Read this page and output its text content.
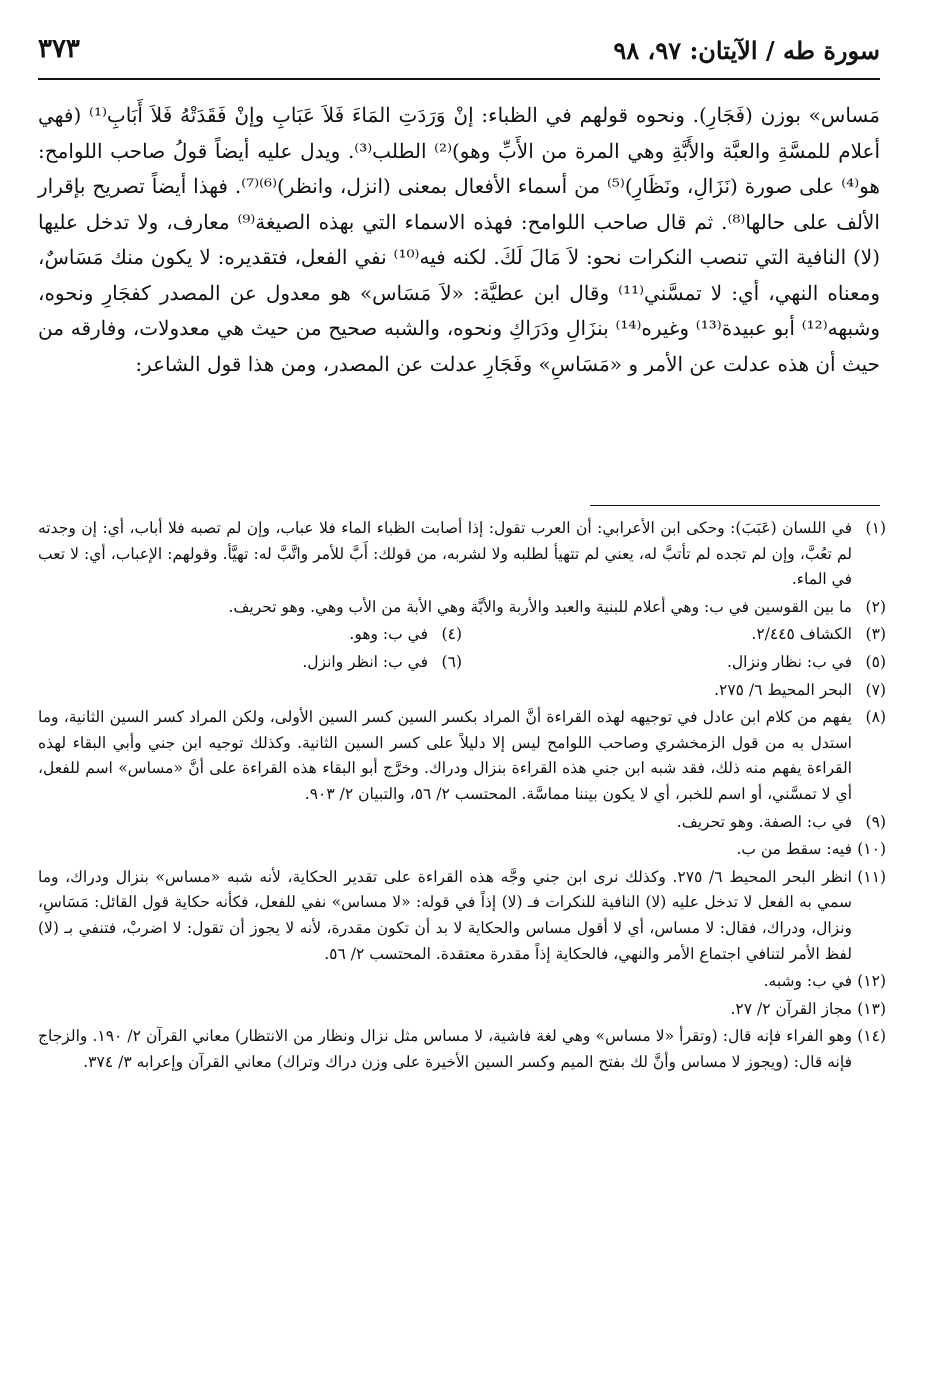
سورة طه / الآيتان: ٩٧، ٩٨
٣٧٣

مَساس» بوزن (فَجَارِ). ونحوه قولهم في الظباء: إنْ وَرَدَتِ المَاءَ فَلاَ عَبَابِ وإنْ فَقَدَتْهُ فَلاَ أَبَابِ⁽¹⁾ (فهي أعلام للمسَّةِ والعبَّة والأَبَّةِ وهي المرة من الأَبِّ وهو)⁽²⁾ الطلب⁽³⁾. ويدل عليه أيضاً قولُ صاحب اللوامح: هو⁽⁴⁾ على صورة (نَزَالِ، ونَظَارِ)⁽⁵⁾ من أسماء الأفعال بمعنى (انزل، وانظر)⁽⁶⁾⁽⁷⁾. فهذا أيضاً تصريح بإقرار الألف على حالها⁽⁸⁾. ثم قال صاحب اللوامح: فهذه الاسماء التي بهذه الصيغة⁽⁹⁾ معارف، ولا تدخل عليها (لا) النافية التي تنصب النكرات نحو: لاَ مَالَ لَكَ. لكنه فيه⁽¹⁰⁾ نفي الفعل، فتقديره: لا يكون منك مَسَاسٌ، ومعناه النهي، أي: لا تمسَّني⁽¹¹⁾ وقال ابن عطيَّة: «لاَ مَسَاس» هو معدول عن المصدر كفجَارِ ونحوه، وشبهه⁽¹²⁾ أبو عبيدة⁽¹³⁾ وغيره⁽¹⁴⁾ بنزَالِ ودَرَاكِ ونحوه، والشبه صحيح من حيث هي معدولات، وفارقه من حيث أن هذه عدلت عن الأمر و «مَسَاسِ» وفَجَارِ عدلت عن المصدر، ومن هذا قول الشاعر:

(١)
في اللسان (عَبَبَ): وحكى ابن الأعرابي: أن العرب تقول: إذا أصابت الظباء الماء فلا عباب، وإن لم تصبه فلا أباب، أي: إن وجدته لم تعُبَّ، وإن لم تجده لم تأتبَّ له، يعني لم تتهيأ لطلبه ولا لشربه، من قولك: أَبَّ للأمر واتَّبَّ له: تهيَّأ. وقولهم: الإعباب، أي: لا تعب في الماء.
(٢)
ما بين القوسين في ب: وهي أعلام للبنية والعبد والأربة والأبَّة وهي الأبة من الأب وهي. وهو تحريف.
(٣)
الكشاف ٢/٤٤٥.
(٤)
في ب: وهو.
(٥)
في ب: نظار ونزال.
(٦)
في ب: انظر وانزل.
(٧)
البحر المحيط ٦/ ٢٧٥.
(٨)
يفهم من كلام ابن عادل في توجيهه لهذه القراءة أنَّ المراد بكسر السين كسر السين الأولى، ولكن المراد كسر السين الثانية، وما استدل به من قول الزمخشري وصاحب اللوامح ليس إلا دليلاً على كسر السين الثانية. وكذلك توجيه ابن جني وأبي البقاء لهذه القراءة يفهم منه ذلك، فقد شبه ابن جني هذه القراءة بنزال ودراك. وخرَّج أبو البقاء هذه القراءة على أنَّ «مساس» اسم للفعل، أي لا تمسَّني، أو اسم للخبر، أي لا يكون بيننا مماسَّة. المحتسب ٢/ ٥٦، والتبيان ٢/ ٩٠٣.
(٩)
في ب: الصفة. وهو تحريف.
(١٠)
فيه: سقط من ب.
(١١)
انظر البحر المحيط ٦/ ٢٧٥. وكذلك نرى ابن جني وجَّه هذه القراءة على تقدير الحكاية، لأنه شبه «مساس» بنزال ودراك، وما سمي به الفعل لا تدخل عليه (لا) النافية للنكرات فـ (لا) إذاً في قوله: «لا مساس» نفي للفعل، فكأنه حكاية قول القائل: مَسَاسِ، ونزال، ودراك، فقال: لا مساس، أي لا أقول مساس والحكاية لا بد أن تكون مقدرة، لأنه لا يجوز أن تقول: لا اضربْ، فتنفي بـ (لا) لفظ الأمر لتنافي اجتماع الأمر والنهي، فالحكاية إذاً مقدرة معتقدة. المحتسب ٢/ ٥٦.
(١٢)
في ب: وشبه.
(١٣)
مجاز القرآن ٢/ ٢٧.
(١٤)
وهو الفراء فإنه قال: (وتقرأ «لا مساس» وهي لغة فاشية، لا مساس مثل نزال ونظار من الانتظار) معاني القرآن ٢/ ١٩٠. والزجاج فإنه قال: (ويجوز لا مساس وأنَّ لك بفتح الميم وكسر السين الأخيرة على وزن دراك وتراك) معاني القرآن وإعرابه ٣/ ٣٧٤.
